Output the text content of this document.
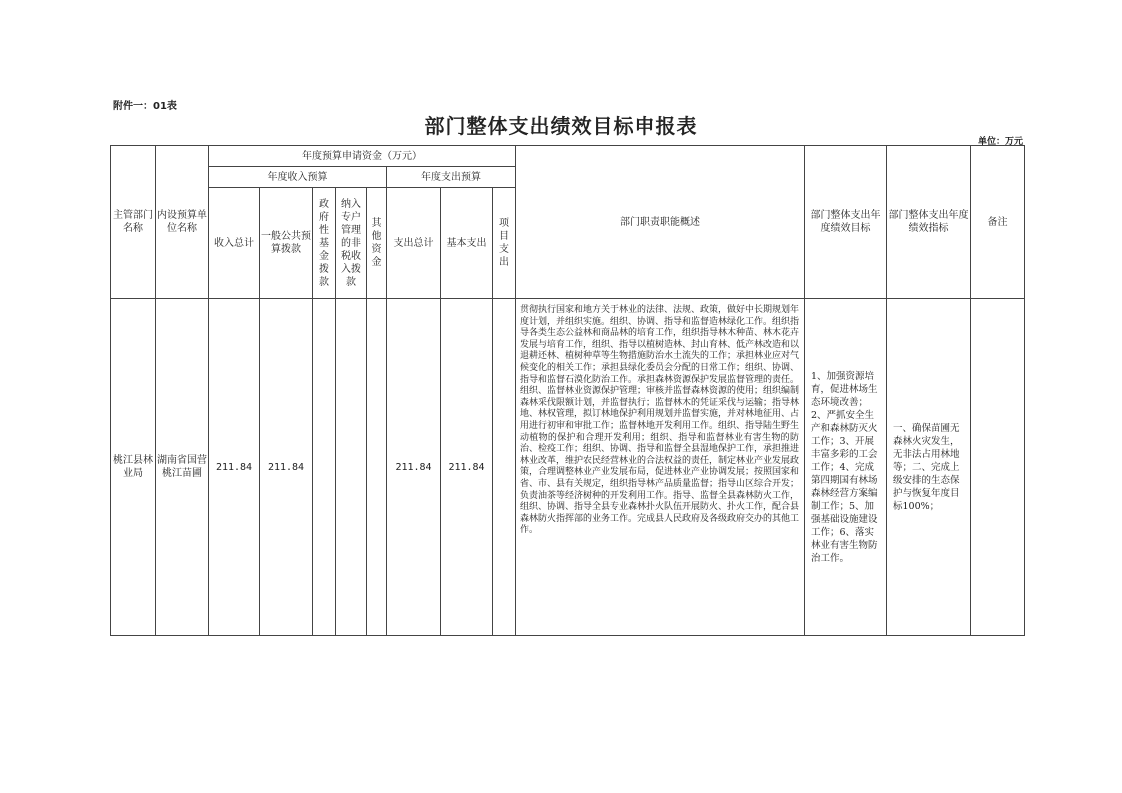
附件一：01表
部门整体支出绩效目标申报表
单位：万元
主管部门名称	内设预算单位名称	年度预算申请资金（万元）								部门职责职能概述	部门整体支出年度绩效目标	部门整体支出年度绩效指标	备注
		年度收入预算					年度支出预算						
		收入总计	一般公共预算拨款	政府性基金拨款	纳入专户管理的非税收入拨款	其他资金	支出总计	基本支出	项目支出				
桃江县林业局	湖南省国营桃江苗圃	211.84	211.84				211.84	211.84		贯彻执行国家和地方关于林业的法律、法规、政策，做好中长期规划年度计划，并组织实施。组织、协调、指导和监督造林绿化工作。组织指导各类生态公益林和商品林的培育工作，组织指导林木种苗、林木花卉发展与培育工作，组织、指导以植树造林、封山育林、低产林改造和以退耕还林、植树种草等生物措施防治水土流失的工作；承担林业应对气候变化的相关工作；承担县绿化委员会分配的日常工作；组织、协调、指导和监督石漠化防治工作。承担森林资源保护发展监督管理的责任。组织、监督林业资源保护管理；审核并监督森林资源的使用；组织编制森林采伐限额计划，并监督执行；监督林木的凭证采伐与运输；指导林地、林权管理，拟订林地保护利用规划并监督实施，并对林地征用、占用进行初审和审批工作；监督林地开发利用工作。组织、指导陆生野生动植物的保护和合理开发利用；组织、指导和监督林业有害生物的防治、检疫工作；组织、协调、指导和监督全县湿地保护工作，承担推进林业改革，维护农民经营林业的合法权益的责任，制定林业产业发展政策，合理调整林业产业发展布局，促进林业产业协调发展；按照国家和省、市、县有关规定，组织指导林产品质量监督；指导山区综合开发；负责油茶等经济树种的开发利用工作。指导、监督全县森林防火工作，组织、协调、指导全县专业森林扑火队伍开展防火、扑火工作，配合县森林防火指挥部的业务工作。完成县人民政府及各级政府交办的其他工作。	1、加强资源培育，促进林场生态环境改善；2、严抓安全生产和森林防灭火工作；3、开展丰富多彩的工会工作；4、完成第四期国有林场森林经营方案编制工作；5、加强基础设施建设工作；6、落实林业有害生物防治工作。	一、确保苗圃无森林火灾发生，无非法占用林地等；二、完成上级安排的生态保护与恢复年度目标100%；	
